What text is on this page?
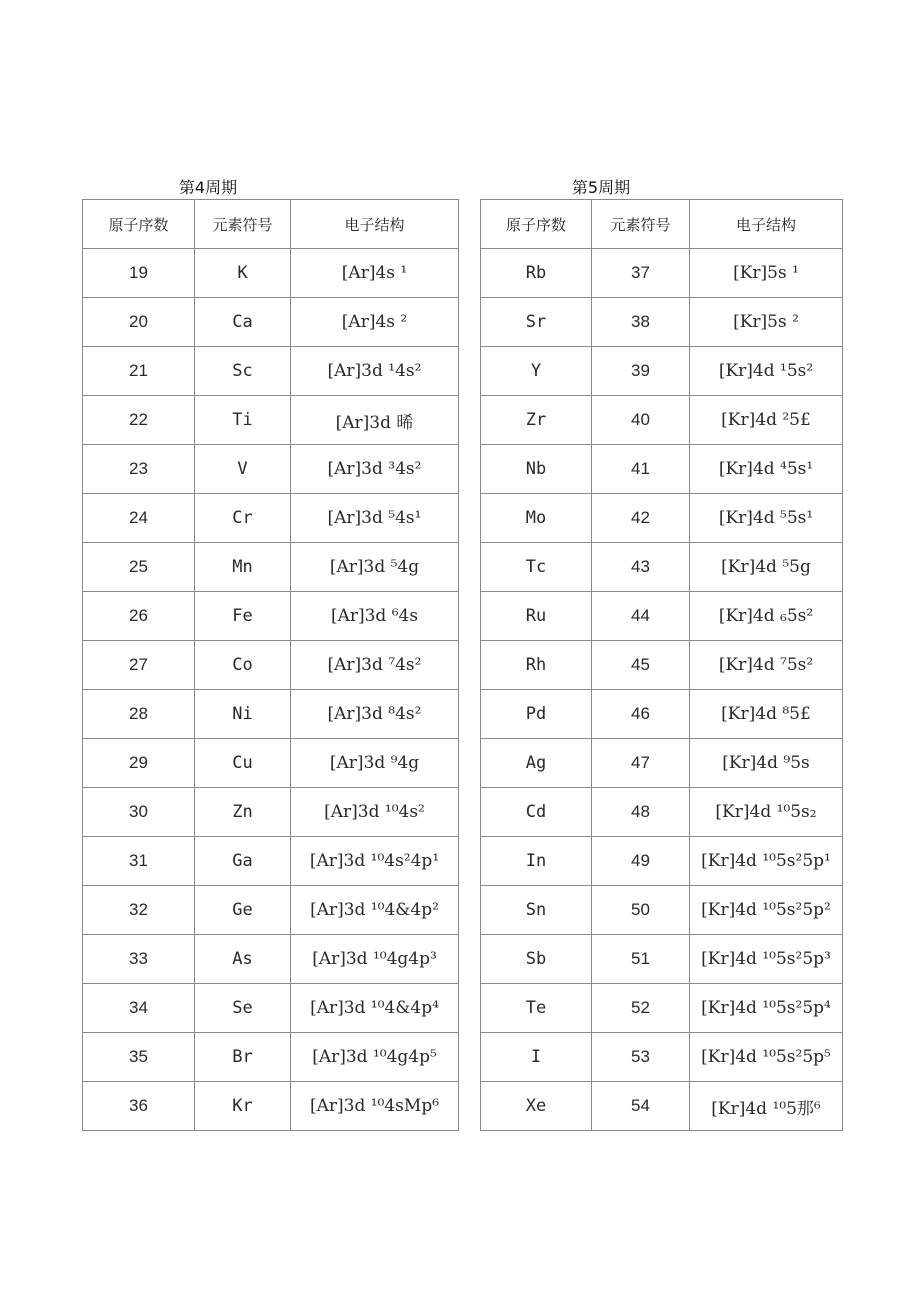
第4周期	第5周期
原子序数	元素符号	电子结构
19	K	[Ar]4s ¹
20	Ca	[Ar]4s ²
21	Sc	[Ar]3d ¹4s²
22	Ti	[Ar]3d 晞
23	V	[Ar]3d ³4s²
24	Cr	[Ar]3d ⁵4s¹
25	Mn	[Ar]3d ⁵4g
26	Fe	[Ar]3d ⁶4s
27	Co	[Ar]3d ⁷4s²
28	Ni	[Ar]3d ⁸4s²
29	Cu	[Ar]3d ⁹4g
30	Zn	[Ar]3d ¹⁰4s²
31	Ga	[Ar]3d ¹⁰4s²4p¹
32	Ge	[Ar]3d ¹⁰4&4p²
33	As	[Ar]3d ¹⁰4g4p³
34	Se	[Ar]3d ¹⁰4&4p⁴
35	Br	[Ar]3d ¹⁰4g4p⁵
36	Kr	[Ar]3d ¹⁰4sMp⁶
原子序数	元素符号	电子结构
Rb	37	[Kr]5s ¹
Sr	38	[Kr]5s ²
Y	39	[Kr]4d ¹5s²
Zr	40	[Kr]4d ²5£
Nb	41	[Kr]4d ⁴5s¹
Mo	42	[Kr]4d ⁵5s¹
Tc	43	[Kr]4d ⁵5g
Ru	44	[Kr]4d ₆5s²
Rh	45	[Kr]4d ⁷5s²
Pd	46	[Kr]4d ⁸5£
Ag	47	[Kr]4d ⁹5s
Cd	48	[Kr]4d ¹⁰5s₂
In	49	[Kr]4d ¹⁰5s²5p¹
Sn	50	[Kr]4d ¹⁰5s²5p²
Sb	51	[Kr]4d ¹⁰5s²5p³
Te	52	[Kr]4d ¹⁰5s²5p⁴
I	53	[Kr]4d ¹⁰5s²5p⁵
Xe	54	[Kr]4d ¹⁰5那⁶
